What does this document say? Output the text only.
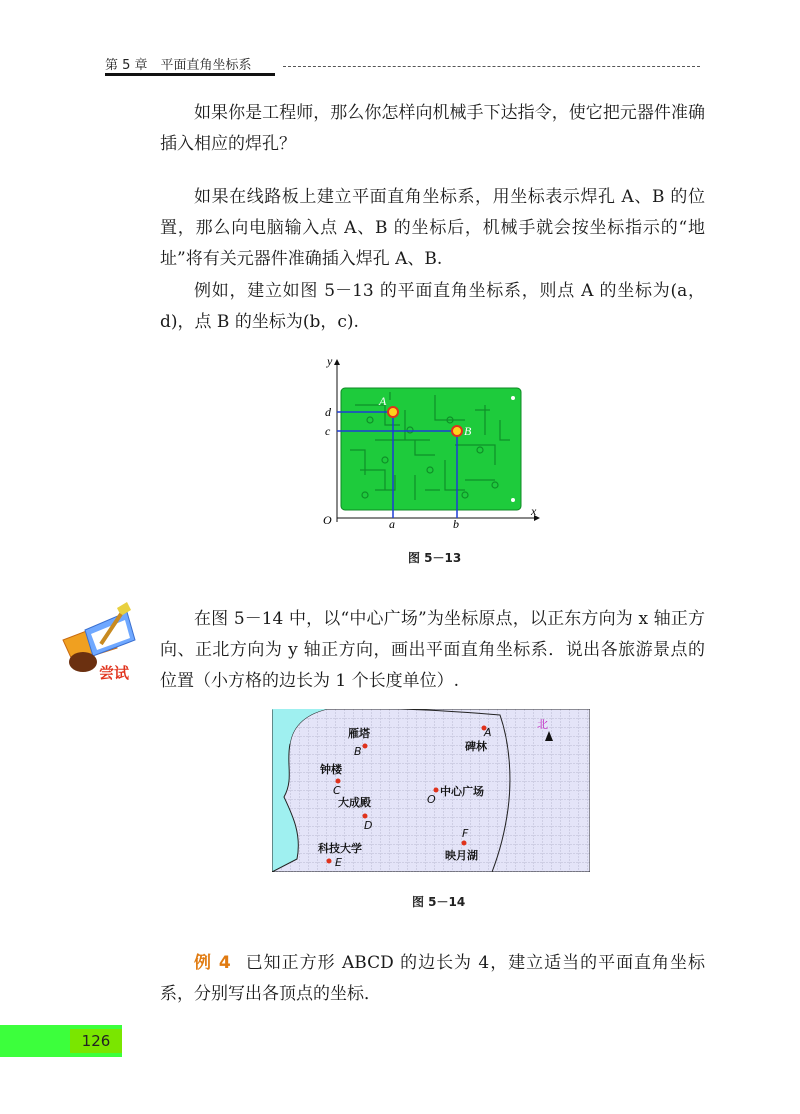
第 5 章　平面直角坐标系

如果你是工程师，那么你怎样向机械手下达指令，使它把元器件准确插入相应的焊孔？

如果在线路板上建立平面直角坐标系，用坐标表示焊孔 A、B 的位置，那么向电脑输入点 A、B 的坐标后，机械手就会按坐标指示的“地址”将有关元器件准确插入焊孔 A、B.

例如，建立如图 5－13 的平面直角坐标系，则点 A 的坐标为(a，d)，点 B 的坐标为(b，c).

y
x
O	a	b
c
d
A
B
图 5－13
尝试

在图 5－14 中，以“中心广场”为坐标原点，以正东方向为 x 轴正方向、正北方向为 y 轴正方向，画出平面直角坐标系．说出各旅游景点的位置（小方格的边长为 1 个长度单位）.

北
雁塔
碑林
钟楼
大成殿
中心广场
科技大学
映月湖
A
B
C
D
O
F
E
图 5－14

例 4 已知正方形 ABCD 的边长为 4，建立适当的平面直角坐标系，分别写出各顶点的坐标．

126
